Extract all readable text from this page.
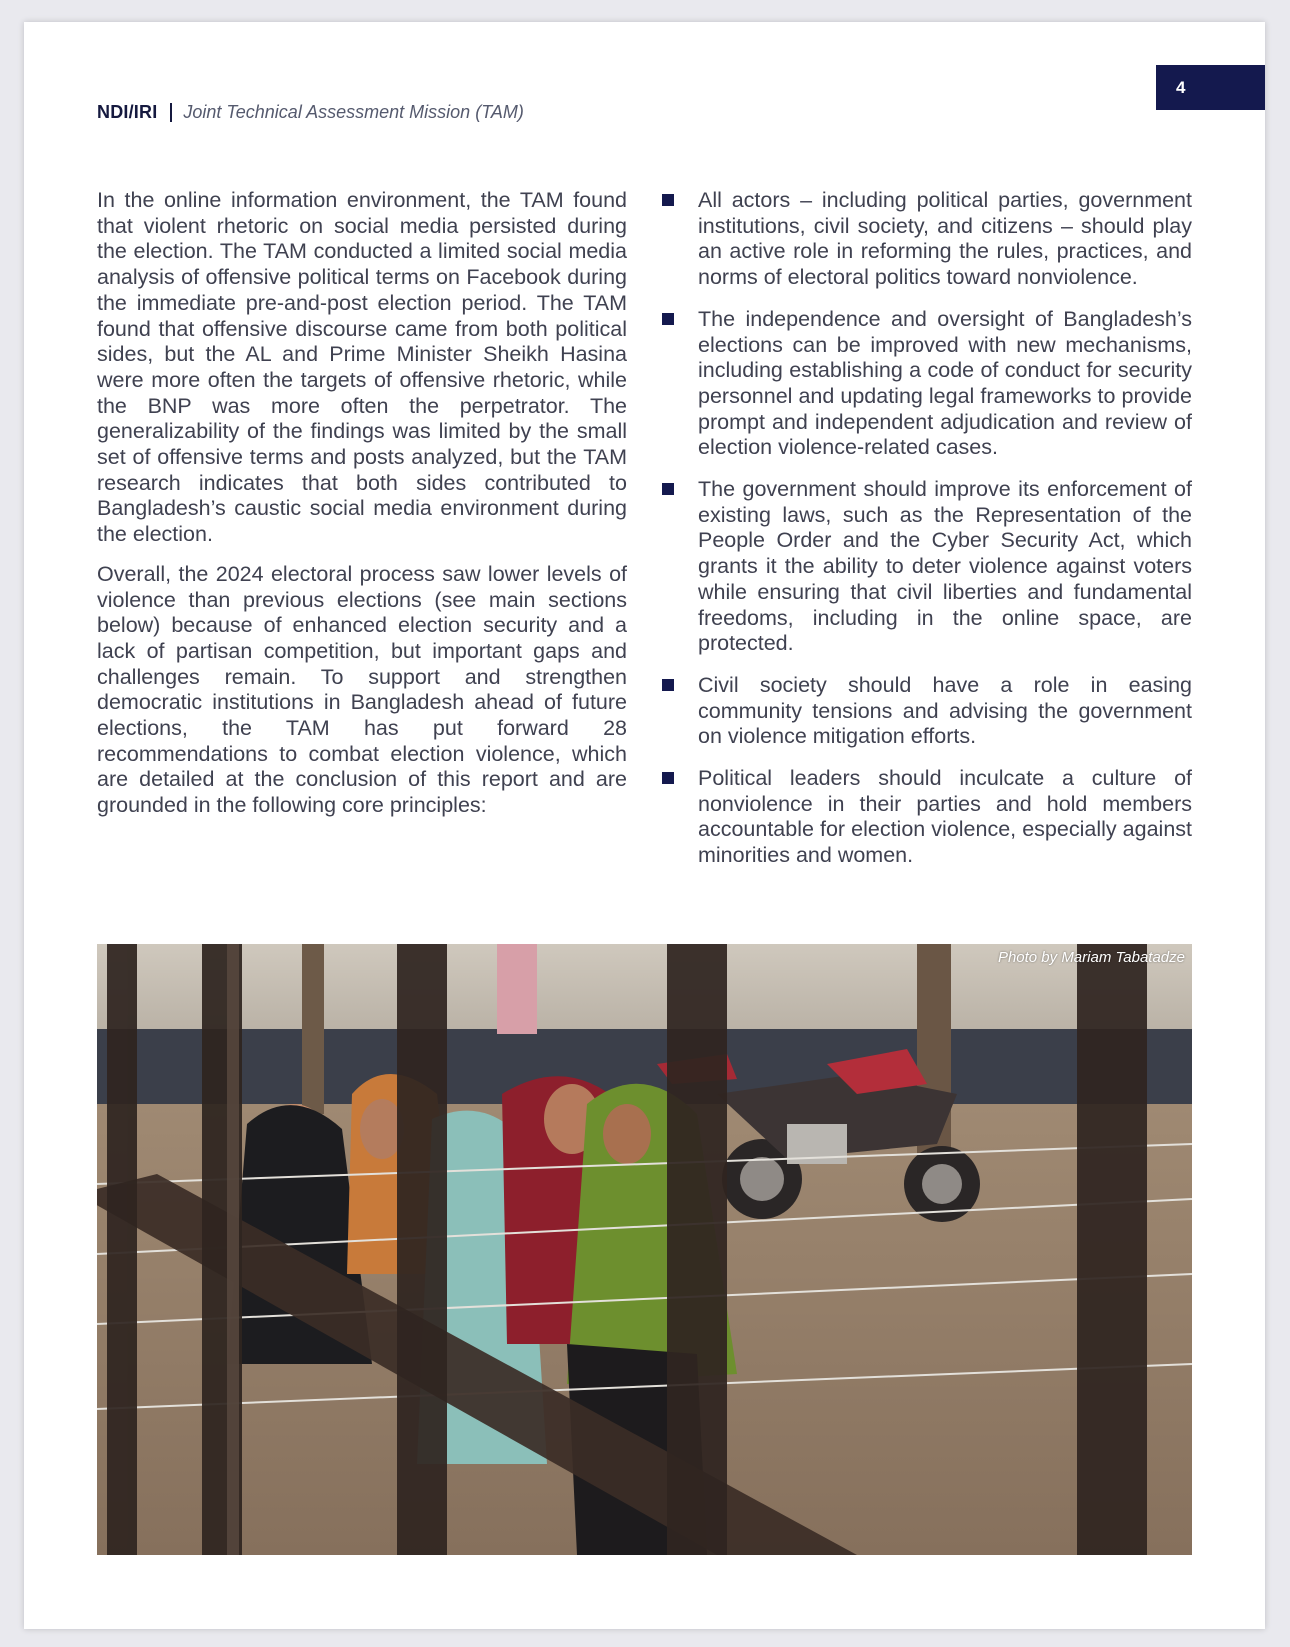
NDI/IRI Joint Technical Assessment Mission (TAM)
4

In the online information environment, the TAM found that violent rhetoric on social media persisted during the election. The TAM conducted a limited social media analysis of offensive political terms on Facebook during the immediate pre-and-post election period. The TAM found that offensive discourse came from both political sides, but the AL and Prime Minister Sheikh Hasina were more often the targets of offensive rhetoric, while the BNP was more often the perpetrator. The generalizability of the findings was limited by the small set of offensive terms and posts analyzed, but the TAM research indicates that both sides contributed to Bangladesh’s caustic social media environment during the election.

Overall, the 2024 electoral process saw lower levels of violence than previous elections (see main sections below) because of enhanced election security and a lack of partisan competition, but important gaps and challenges remain. To support and strengthen democratic institutions in Bangladesh ahead of future elections, the TAM has put forward 28 recommendations to combat election violence, which are detailed at the conclusion of this report and are grounded in the following core principles:

All actors – including political parties, government institutions, civil society, and citizens – should play an active role in reforming the rules, practices, and norms of electoral politics toward nonviolence.
The independence and oversight of Bangladesh’s elections can be improved with new mechanisms, including establishing a code of conduct for security personnel and updating legal frameworks to provide prompt and independent adjudication and review of election violence-related cases.
The government should improve its enforcement of existing laws, such as the Representation of the People Order and the Cyber Security Act, which grants it the ability to deter violence against voters while ensuring that civil liberties and fundamental freedoms, including in the online space, are protected.
Civil society should have a role in easing community tensions and advising the government on violence mitigation efforts.
Political leaders should inculcate a culture of nonviolence in their parties and hold members accountable for election violence, especially against minorities and women.
Photo by Mariam Tabatadze
